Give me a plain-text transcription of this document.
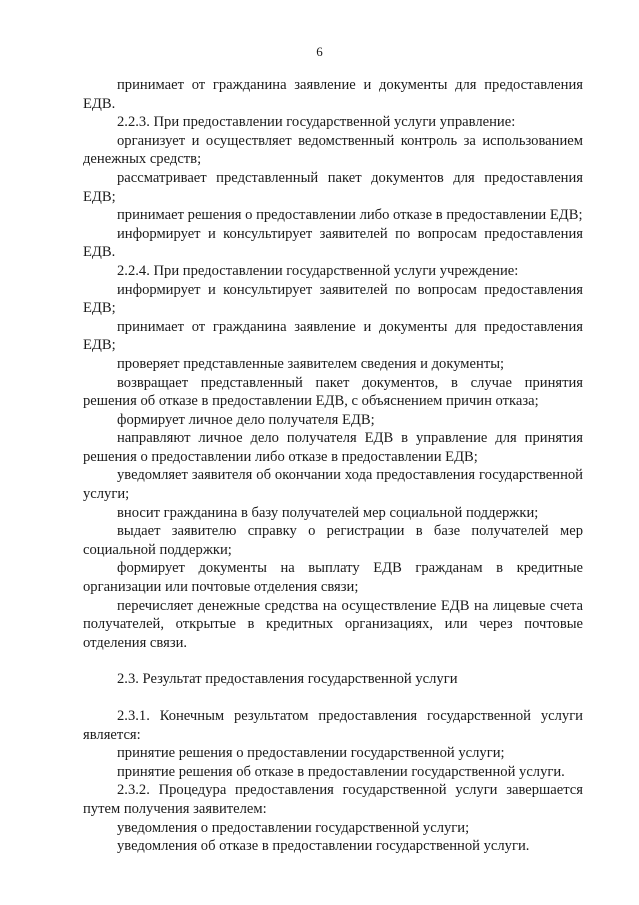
6

принимает от гражданина заявление и документы для предоставления ЕДВ.

2.2.3. При предоставлении государственной услуги управление:

организует и осуществляет ведомственный контроль за использованием денежных средств;

рассматривает представленный пакет документов для предоставления ЕДВ;

принимает решения о предоставлении либо отказе в предоставлении ЕДВ;

информирует и консультирует заявителей по вопросам предоставления ЕДВ.

2.2.4. При предоставлении государственной услуги учреждение:

информирует и консультирует заявителей по вопросам предоставления ЕДВ;

принимает от гражданина заявление и документы для предоставления ЕДВ;

проверяет представленные заявителем сведения и документы;

возвращает представленный пакет документов, в случае принятия решения об отказе в предоставлении ЕДВ, с объяснением причин отказа;

формирует личное дело получателя ЕДВ;

направляют личное дело получателя ЕДВ в управление для принятия решения о предоставлении либо отказе в предоставлении ЕДВ;

уведомляет заявителя об окончании хода предоставления государственной услуги;

вносит гражданина в базу получателей мер социальной поддержки;

выдает заявителю справку о регистрации в базе получателей мер социальной поддержки;

формирует документы на выплату ЕДВ гражданам в кредитные организации или почтовые отделения связи;

перечисляет денежные средства на осуществление ЕДВ на лицевые счета получателей, открытые в кредитных организациях, или через почтовые отделения связи.

2.3. Результат предоставления государственной услуги

2.3.1. Конечным результатом предоставления государственной услуги является:

принятие решения о предоставлении государственной услуги;

принятие решения об отказе в предоставлении государственной услуги.

2.3.2. Процедура предоставления государственной услуги завершается путем получения заявителем:

уведомления о предоставлении государственной услуги;

уведомления об отказе в предоставлении государственной услуги.
